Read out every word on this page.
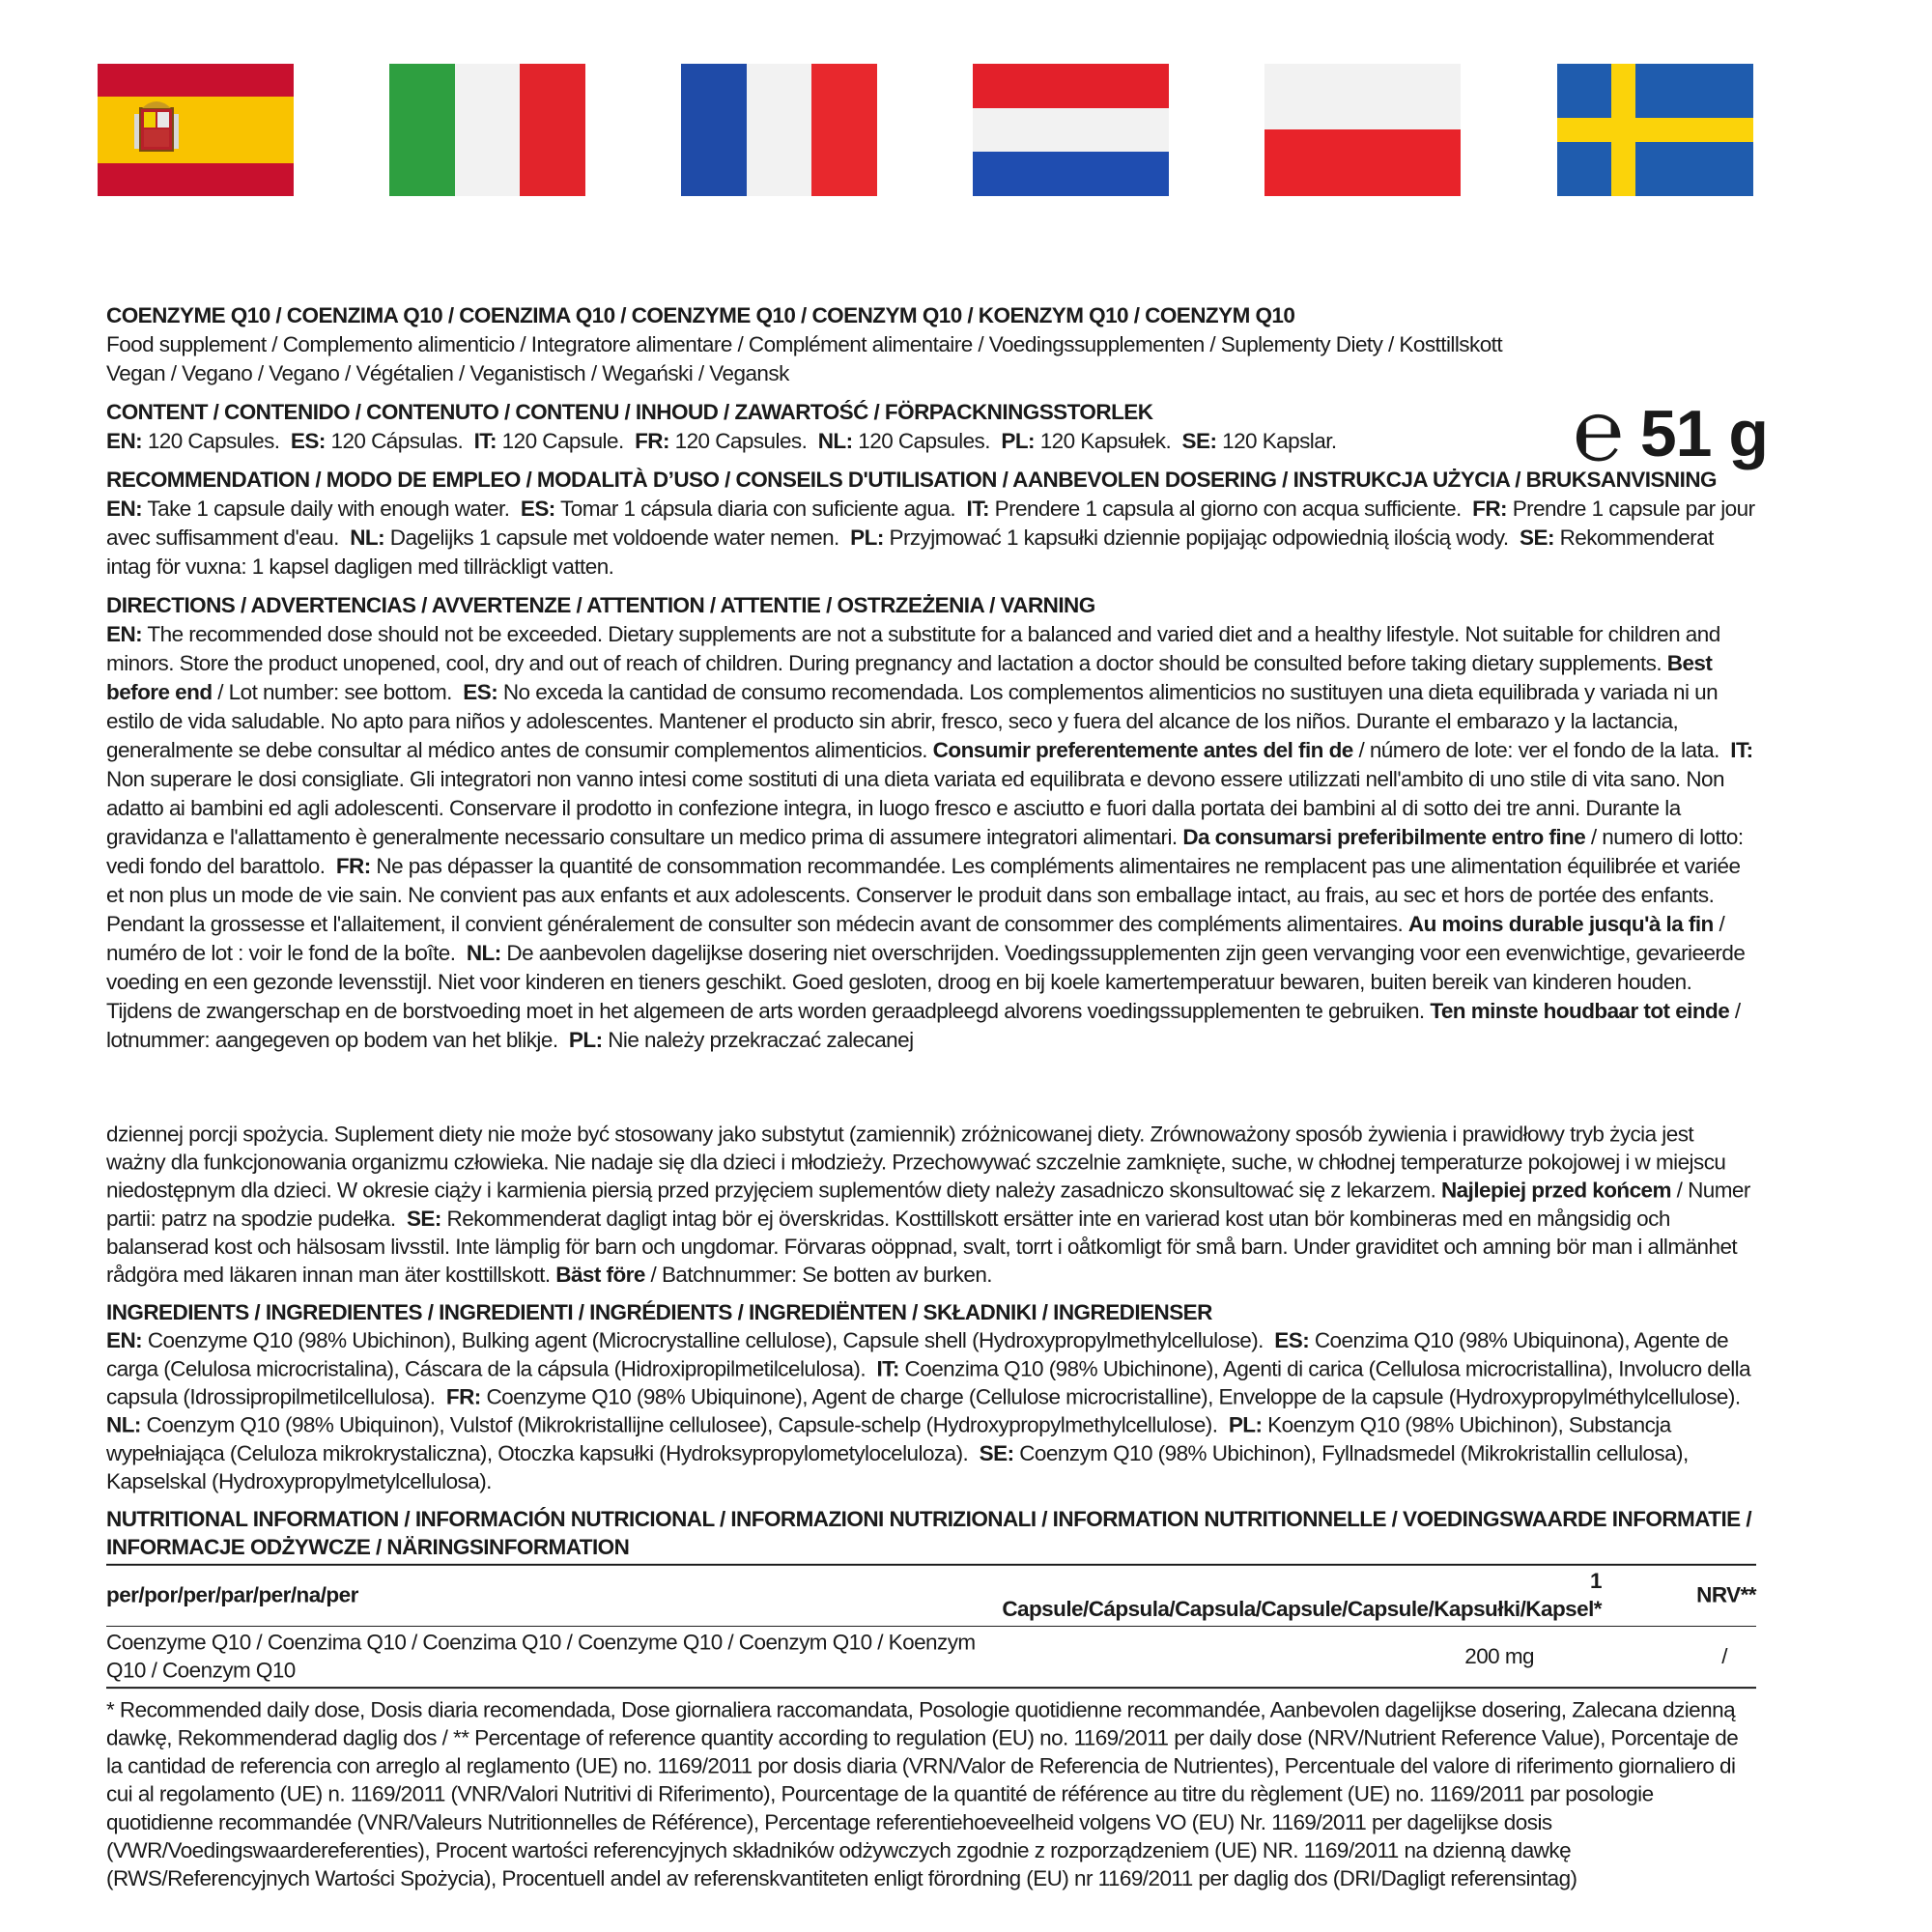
℮ 51 g

COENZYME Q10 / COENZIMA Q10 / COENZIMA Q10 / COENZYME Q10 / COENZYM Q10 / KOENZYM Q10 / COENZYM Q10

Food supplement / Complemento alimenticio / Integratore alimentare / Complément alimentaire / Voedingssupplementen / Suplementy Diety / Kosttillskott

Vegan / Vegano / Vegano / Végétalien / Veganistisch / Wegański / Vegansk

CONTENT / CONTENIDO / CONTENUTO / CONTENU / INHOUD / ZAWARTOŚĆ / FÖRPACKNINGSSTORLEK

EN: 120 Capsules. ES: 120 Cápsulas. IT: 120 Capsule. FR: 120 Capsules. NL: 120 Capsules. PL: 120 Kapsułek. SE: 120 Kapslar.

RECOMMENDATION / MODO DE EMPLEO / MODALITÀ D’USO / CONSEILS D'UTILISATION / AANBEVOLEN DOSERING / INSTRUKCJA UŻYCIA / BRUKSANVISNING

EN: Take 1 capsule daily with enough water. ES: Tomar 1 cápsula diaria con suficiente agua. IT: Prendere 1 capsula al giorno con acqua sufficiente. FR: Prendre 1 capsule par jour avec suffisamment d'eau. NL: Dagelijks 1 capsule met voldoende water nemen. PL: Przyjmować 1 kapsułki dziennie popijając odpowiednią ilością wody. SE: Rekommenderat intag för vuxna: 1 kapsel dagligen med tillräckligt vatten.

DIRECTIONS / ADVERTENCIAS / AVVERTENZE / ATTENTION / ATTENTIE / OSTRZEŻENIA / VARNING

EN: The recommended dose should not be exceeded. Dietary supplements are not a substitute for a balanced and varied diet and a healthy lifestyle. Not suitable for children and minors. Store the product unopened, cool, dry and out of reach of children. During pregnancy and lactation a doctor should be consulted before taking dietary supplements. Best before end / Lot number: see bottom. ES: No exceda la cantidad de consumo recomendada. Los complementos alimenticios no sustituyen una dieta equilibrada y variada ni un estilo de vida saludable. No apto para niños y adolescentes. Mantener el producto sin abrir, fresco, seco y fuera del alcance de los niños. Durante el embarazo y la lactancia, generalmente se debe consultar al médico antes de consumir complementos alimenticios. Consumir preferentemente antes del fin de / número de lote: ver el fondo de la lata. IT: Non superare le dosi consigliate. Gli integratori non vanno intesi come sostituti di una dieta variata ed equilibrata e devono essere utilizzati nell'ambito di uno stile di vita sano. Non adatto ai bambini ed agli adolescenti. Conservare il prodotto in confezione integra, in luogo fresco e asciutto e fuori dalla portata dei bambini al di sotto dei tre anni. Durante la gravidanza e l'allattamento è generalmente necessario consultare un medico prima di assumere integratori alimentari. Da consumarsi preferibilmente entro fine / numero di lotto: vedi fondo del barattolo. FR: Ne pas dépasser la quantité de consommation recommandée. Les compléments alimentaires ne remplacent pas une alimentation équilibrée et variée et non plus un mode de vie sain. Ne convient pas aux enfants et aux adolescents. Conserver le produit dans son emballage intact, au frais, au sec et hors de portée des enfants. Pendant la grossesse et l'allaitement, il convient généralement de consulter son médecin avant de consommer des compléments alimentaires. Au moins durable jusqu'à la fin / numéro de lot : voir le fond de la boîte. NL: De aanbevolen dagelijkse dosering niet overschrijden. Voedingssupplementen zijn geen vervanging voor een evenwichtige, gevarieerde voeding en een gezonde levensstijl. Niet voor kinderen en tieners geschikt. Goed gesloten, droog en bij koele kamertemperatuur bewaren, buiten bereik van kinderen houden. Tijdens de zwangerschap en de borstvoeding moet in het algemeen de arts worden geraadpleegd alvorens voedingssupplementen te gebruiken. Ten minste houdbaar tot einde / lotnummer: aangegeven op bodem van het blikje. PL: Nie należy przekraczać zalecanej

dziennej porcji spożycia. Suplement diety nie może być stosowany jako substytut (zamiennik) zróżnicowanej diety. Zrównoważony sposób żywienia i prawidłowy tryb życia jest ważny dla funkcjonowania organizmu człowieka. Nie nadaje się dla dzieci i młodzieży. Przechowywać szczelnie zamknięte, suche, w chłodnej temperaturze pokojowej i w miejscu niedostępnym dla dzieci. W okresie ciąży i karmienia piersią przed przyjęciem suplementów diety należy zasadniczo skonsultować się z lekarzem. Najlepiej przed końcem / Numer partii: patrz na spodzie pudełka. SE: Rekommenderat dagligt intag bör ej överskridas. Kosttillskott ersätter inte en varierad kost utan bör kombineras med en mångsidig och balanserad kost och hälsosam livsstil. Inte lämplig för barn och ungdomar. Förvaras oöppnad, svalt, torrt i oåtkomligt för små barn. Under graviditet och amning bör man i allmänhet rådgöra med läkaren innan man äter kosttillskott. Bäst före / Batchnummer: Se botten av burken.

INGREDIENTS / INGREDIENTES / INGREDIENTI / INGRÉDIENTS / INGREDIËNTEN / SKŁADNIKI / INGREDIENSER

EN: Coenzyme Q10 (98% Ubichinon), Bulking agent (Microcrystalline cellulose), Capsule shell (Hydroxypropylmethylcellulose). ES: Coenzima Q10 (98% Ubiquinona), Agente de carga (Celulosa microcristalina), Cáscara de la cápsula (Hidroxipropilmetilcelulosa). IT: Coenzima Q10 (98% Ubichinone), Agenti di carica (Cellulosa microcristallina), Involucro della capsula (Idrossipropilmetilcellulosa). FR: Coenzyme Q10 (98% Ubiquinone), Agent de charge (Cellulose microcristalline), Enveloppe de la capsule (Hydroxypropylméthylcellulose).  NL: Coenzym Q10 (98% Ubiquinon), Vulstof (Mikrokristallijne cellulosee), Capsule-schelp (Hydroxypropylmethylcellulose). PL: Koenzym Q10 (98% Ubichinon), Substancja wypełniająca (Celuloza mikrokrystaliczna), Otoczka kapsułki (Hydroksypropylometyloceluloza). SE: Coenzym Q10 (98% Ubichinon), Fyllnadsmedel (Mikrokristallin cellulosa), Kapselskal (Hydroxypropylmetylcellulosa).

NUTRITIONAL INFORMATION / INFORMACIÓN NUTRICIONAL / INFORMAZIONI NUTRIZIONALI / INFORMATION NUTRITIONNELLE / VOEDINGSWAARDE INFORMATIE / INFORMACJE ODŻYWCZE / NÄRINGSINFORMATION

per/por/per/par/per/na/per	1 Capsule/Cápsula/Capsula/Capsule/Capsule/Kapsułki/Kapsel*	NRV**
Coenzyme Q10 / Coenzima Q10 / Coenzima Q10 / Coenzyme Q10 / Coenzym Q10 / Koenzym Q10 / Coenzym Q10	200 mg	/

* Recommended daily dose, Dosis diaria recomendada, Dose giornaliera raccomandata, Posologie quotidienne recommandée, Aanbevolen dagelijkse dosering, Zalecana dzienną dawkę, Rekommenderad daglig dos / ** Percentage of reference quantity according to regulation (EU) no. 1169/2011 per daily dose (NRV/Nutrient Reference Value), Porcentaje de la cantidad de referencia con arreglo al reglamento (UE) no. 1169/2011 por dosis diaria (VRN/Valor de Referencia de Nutrientes), Percentuale del valore di riferimento giornaliero di cui al regolamento (UE) n. 1169/2011 (VNR/Valori Nutritivi di Riferimento), Pourcentage de la quantité de référence au titre du règlement (UE) no. 1169/2011 par posologie quotidienne recommandée (VNR/Valeurs Nutritionnelles de Référence), Percentage referentiehoeveelheid volgens VO (EU) Nr. 1169/2011 per dagelijkse dosis (VWR/Voedingswaardereferenties), Procent wartości referencyjnych składników odżywczych zgodnie z rozporządzeniem (UE) NR. 1169/2011 na dzienną dawkę (RWS/Referencyjnych Wartości Spożycia), Procentuell andel av referenskvantiteten enligt förordning (EU) nr 1169/2011 per daglig dos (DRI/Dagligt referensintag)
